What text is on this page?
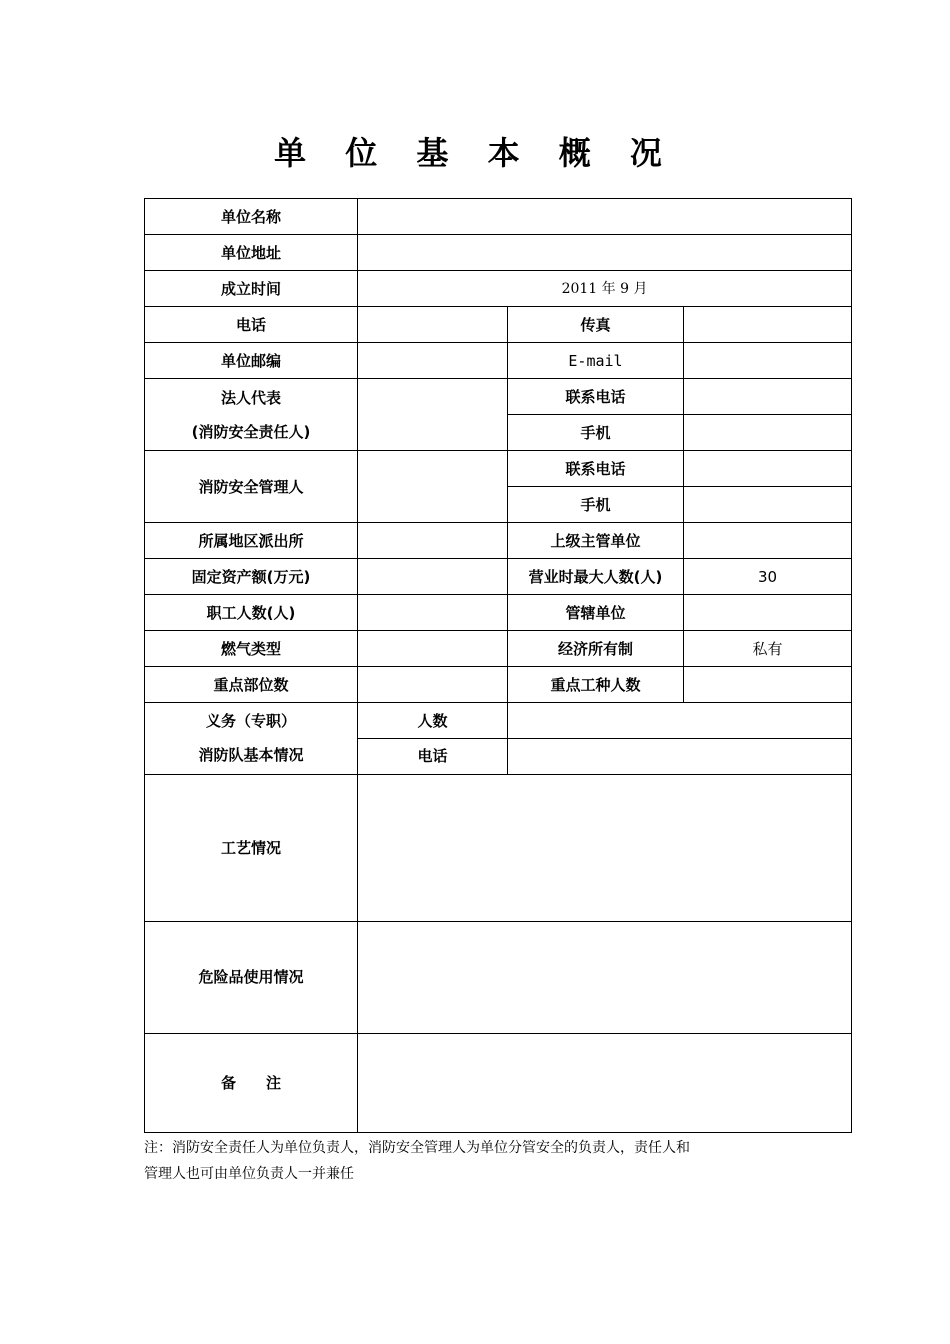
单 位 基 本 概 况
单位名称			
单位地址			
成立时间	2011 年 9 月		
电话		传真	
单位邮编		E-mail	

法人代表
(消防安全责任人)		联系电话	
		手机	
消防安全管理人		联系电话	
		手机	
所属地区派出所		上级主管单位	
固定资产额(万元)		营业时最大人数(人)	30
职工人数(人)		管辖单位	
燃气类型		经济所有制	私有
重点部位数		重点工种人数	

义务（专职）
消防队基本情况	人数		
	电话		
工艺情况			
危险品使用情况			
备　　注			
注：消防安全责任人为单位负责人，消防安全管理人为单位分管安全的负责人，责任人和
管理人也可由单位负责人一并兼任
